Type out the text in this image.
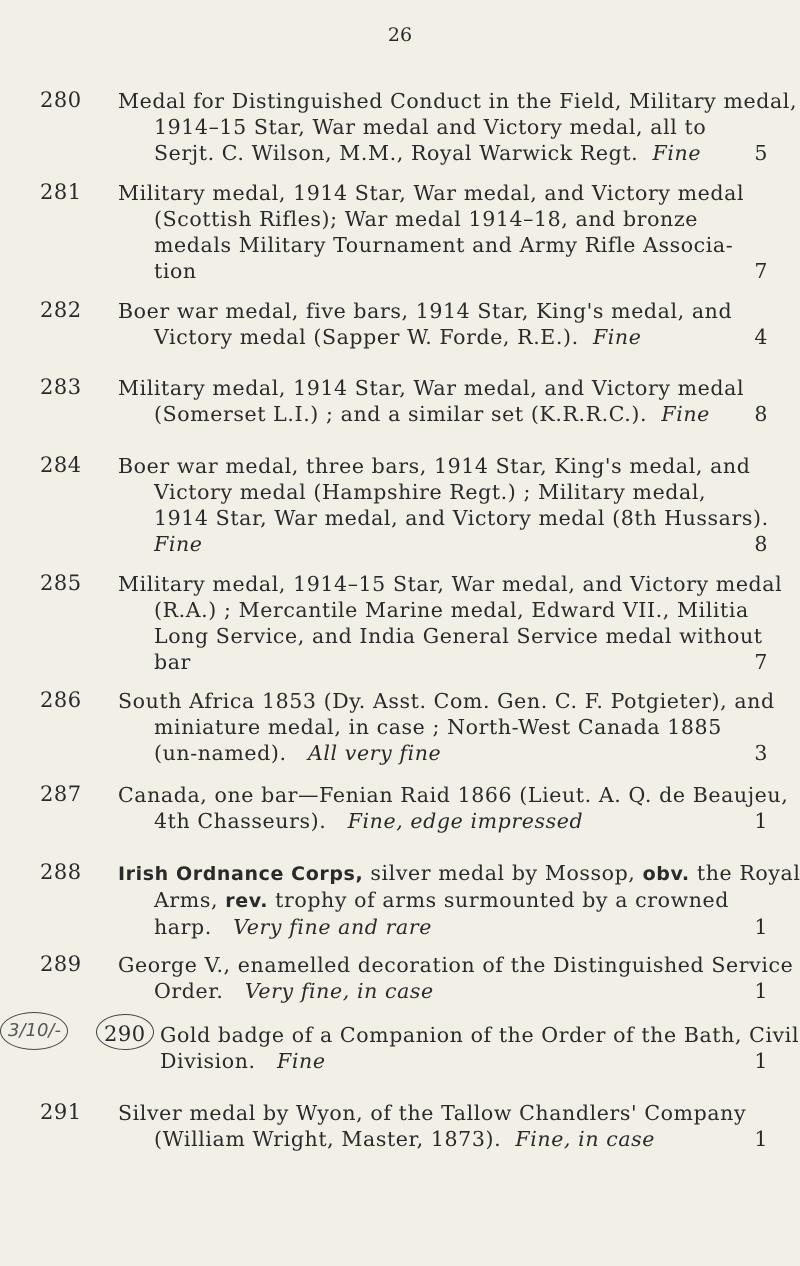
26
280 Medal for Distinguished Conduct in the Field, Military medal,
1914–15 Star, War medal and Victory medal, all to
Serjt. C. Wilson, M.M., Royal Warwick Regt. Fine	5
281 Military medal, 1914 Star, War medal, and Victory medal
(Scottish Rifles); War medal 1914–18, and bronze
medals Military Tournament and Army Rifle Associa-
tion	7
282 Boer war medal, five bars, 1914 Star, King's medal, and
Victory medal (Sapper W. Forde, R.E.). Fine	4
283 Military medal, 1914 Star, War medal, and Victory medal
(Somerset L.I.) ; and a similar set (K.R.R.C.). Fine 8
284 Boer war medal, three bars, 1914 Star, King's medal, and
Victory medal (Hampshire Regt.) ; Military medal,
1914 Star, War medal, and Victory medal (8th Hussars).
Fine	8
285 Military medal, 1914–15 Star, War medal, and Victory medal
(R.A.) ; Mercantile Marine medal, Edward VII., Militia
Long Service, and India General Service medal without
bar	7
286 South Africa 1853 (Dy. Asst. Com. Gen. C. F. Potgieter), and
miniature medal, in case ; North-West Canada 1885
(un-named). All very fine	3
287 Canada, one bar—Fenian Raid 1866 (Lieut. A. Q. de Beaujeu,
4th Chasseurs). Fine, edge impressed	1
288 Irish Ordnance Corps, silver medal by Mossop, obv. the Royal
Arms, rev. trophy of arms surmounted by a crowned
harp. Very fine and rare	1
289 George V., enamelled decoration of the Distinguished Service
Order. Very fine, in case	1
3/10/- 290 Gold badge of a Companion of the Order of the Bath, Civil
Division. Fine	1
291 Silver medal by Wyon, of the Tallow Chandlers' Company
(William Wright, Master, 1873). Fine, in case	1
